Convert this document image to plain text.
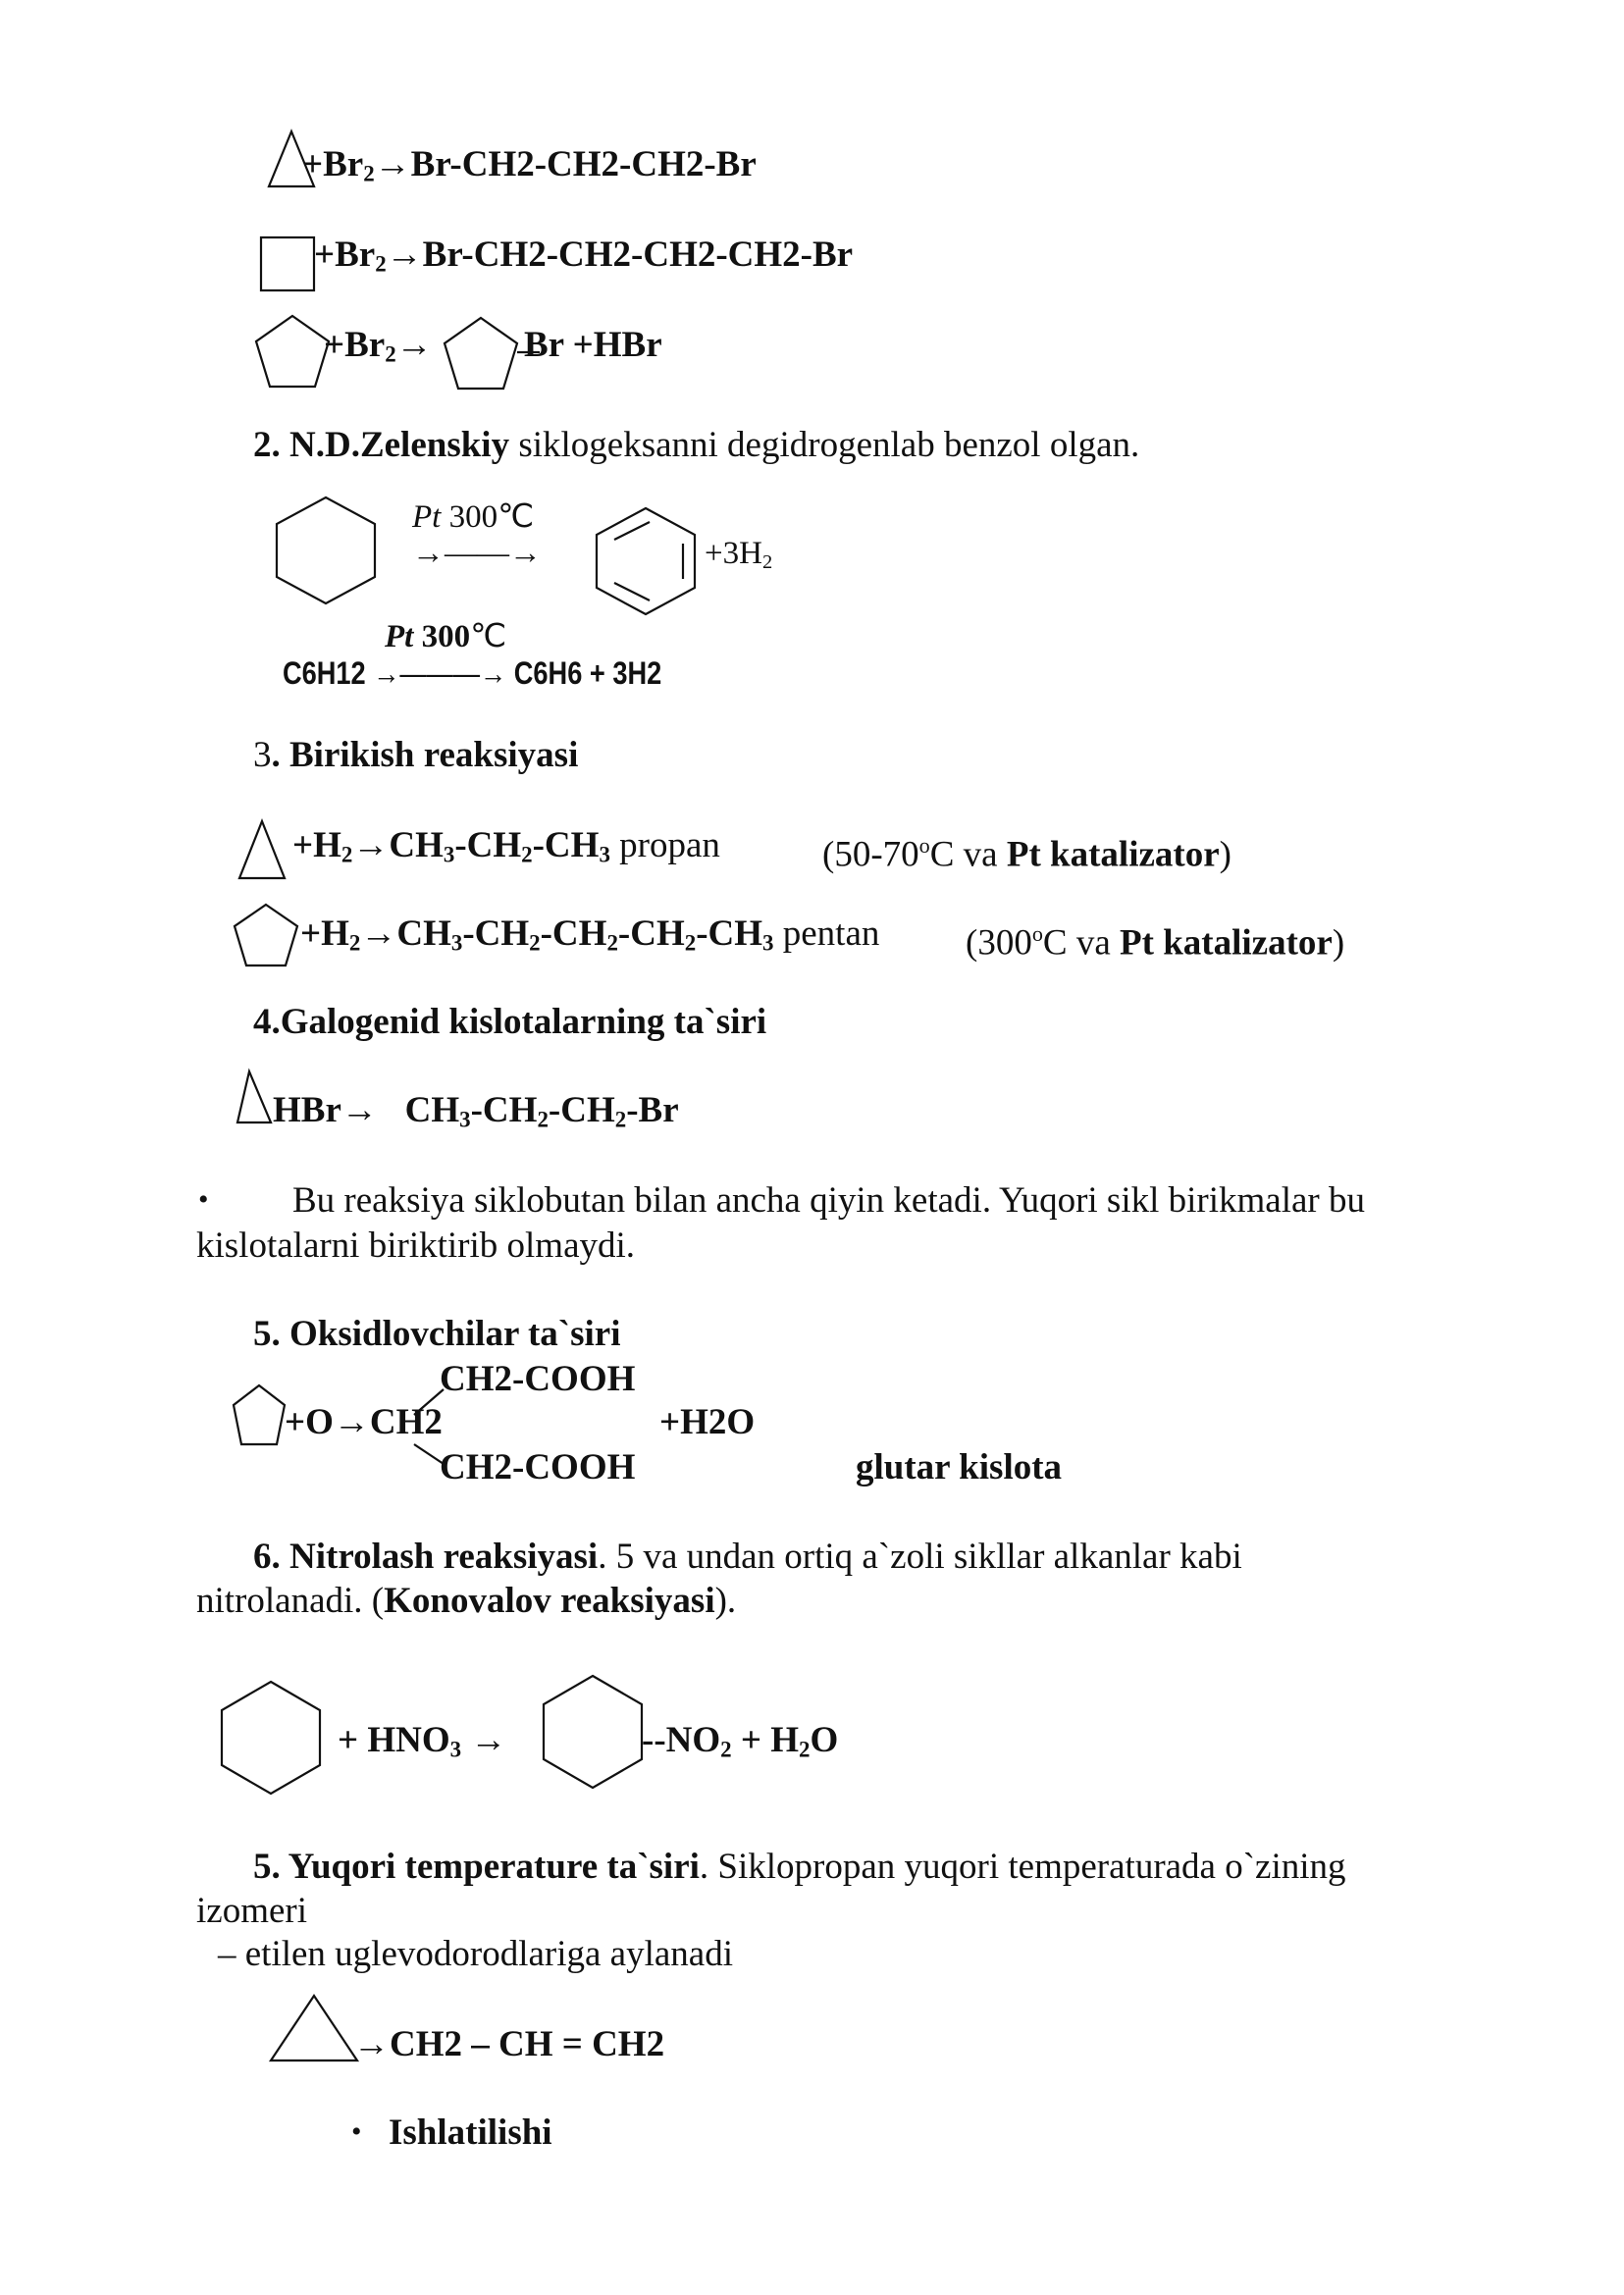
$+Br_2\to Br-CH2-CH2-CH2-Br$
$+Br_2\to Br-CH2-CH2-CH2-CH2-Br$
$+Br_2\to$	Br +HBr
2. N.D.Zelenskiy siklogeksanni degidrogenlab benzol olgan.
Pt 300℃
→——→	$+3H_2$
Pt 300℃
C6H12 →———→ C6H6 + 3H2
3. Birikish reaksiyasi
$+H_2\to CH_3-CH_2-CH_3$ propan	(50-70$^o$C va Pt katalizator)
$+H_2\to CH_3-CH_2-CH_2-CH_2-CH_3$ pentan (300$^o$C va Pt katalizator)
4.Galogenid kislotalarning ta`siri
$HBr\to CH_3-CH_2-CH_2-Br$
• Bu reaksiya siklobutan bilan ancha qiyin ketadi. Yuqori sikl birikmalar bu
kislotalarni biriktirib olmaydi.
5. Oksidlovchilar ta`siri
CH2-COOH
+O→CH2	+H2O
CH2-COOH	glutar kislota
6. Nitrolash reaksiyasi. 5 va undan ortiq a`zoli sikllar alkanlar kabi
nitrolanadi. (Konovalov reaksiyasi).
+ $HNO_3$ →	$--NO_2 + H_2O$
5. Yuqori temperature ta`siri. Siklopropan yuqori temperaturada o`zining
izomeri
– etilen uglevodorodlariga aylanadi
→CH2 – CH = CH2
• Ishlatilishi
